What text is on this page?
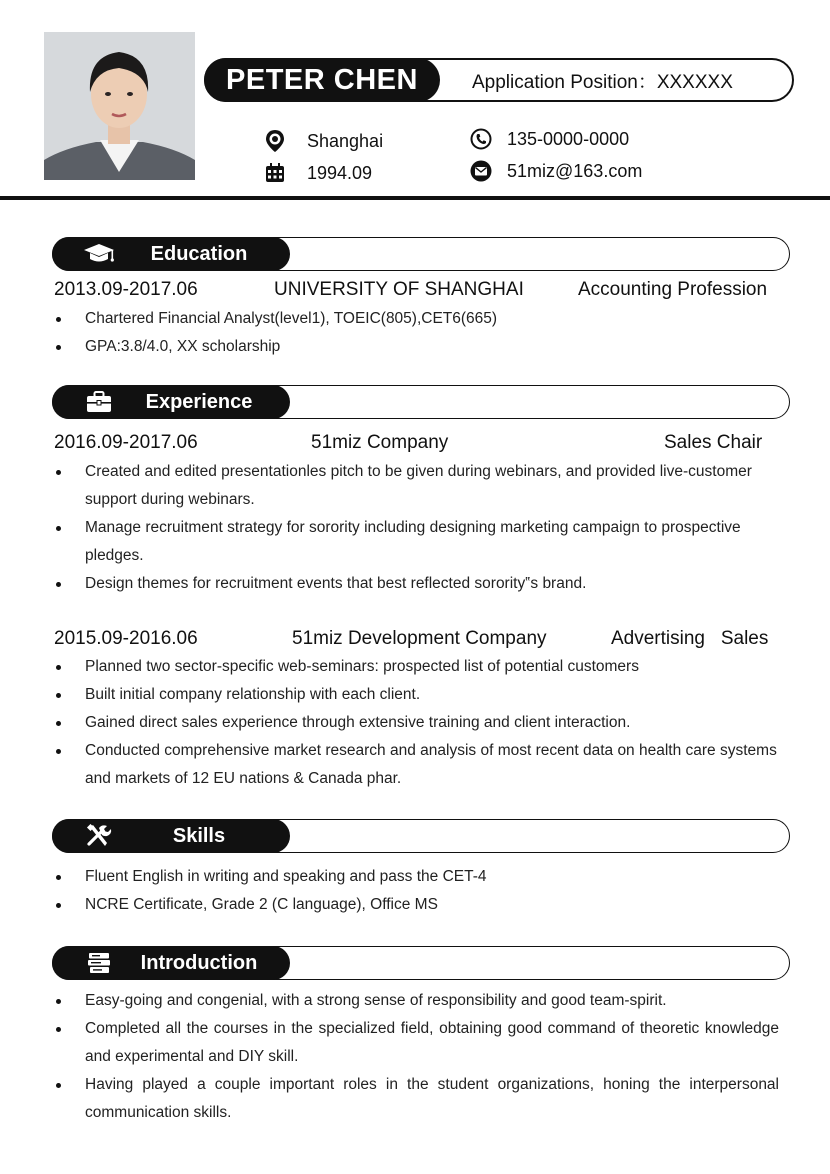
PETER CHEN	Application Position：XXXXXX
Shanghai
1994.09
135-0000-0000
51miz@163.com
Education
2013.09-2017.06	UNIVERSITY OF SHANGHAI	Accounting Profession
Chartered Financial Analyst(level1), TOEIC(805),CET6(665)
GPA:3.8/4.0, XX scholarship
Experience
2016.09-2017.06	51miz Company	Sales Chair
Created and edited presentationles pitch to be given during webinars, and provided live-customer support during webinars.
Manage recruitment strategy for sorority including designing marketing campaign to prospective pledges.
Design themes for recruitment events that best reflected sorority‟s brand.
2015.09-2016.06	51miz Development Company	Advertising   Sales
Planned two sector-specific web-seminars: prospected list of potential customers
Built initial company relationship with each client.
Gained direct sales experience through extensive training and client interaction.
Conducted comprehensive market research and analysis of most recent data on health care systems and markets of 12 EU nations & Canada phar.
Skills
Fluent English in writing and speaking and pass the CET-4
NCRE Certificate, Grade 2 (C language), Office MS
Introduction
Easy-going and congenial, with a strong sense of responsibility and good team-spirit.
Completed all the courses in the specialized field, obtaining good command of theoretic knowledge and experimental and DIY skill.
Having played a couple important roles in the student organizations, honing the interpersonal communication skills.
